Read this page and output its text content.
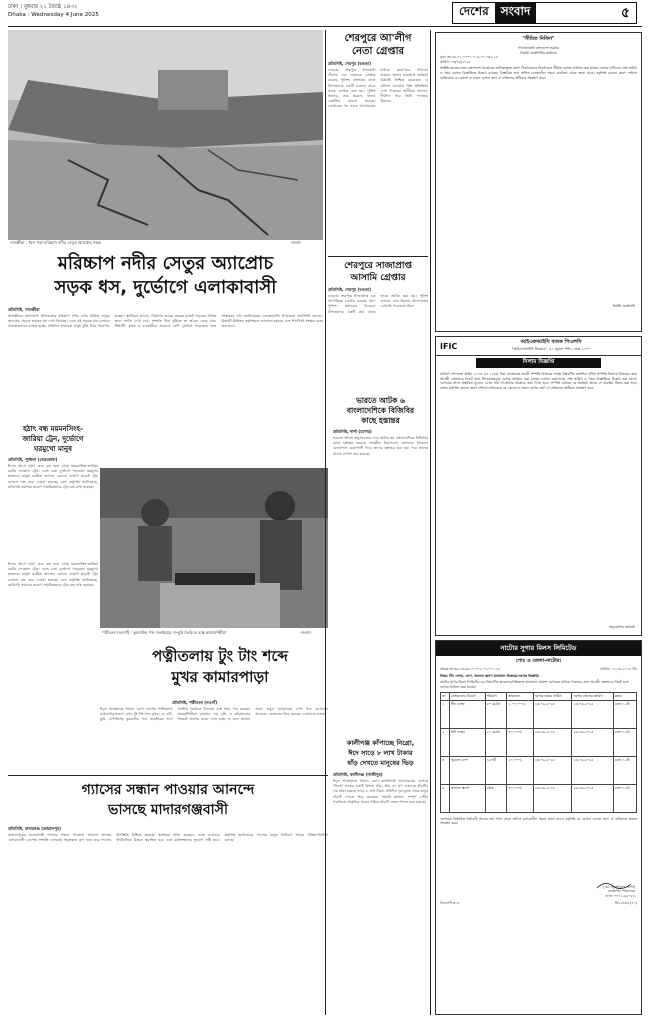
ঢাকা । বুধবার ২১ জ্যৈষ্ঠ ১৪৩২
Dhaka : Wednesday 4 June 2025	দেশের	সংবাদ	৫
সাতক্ষীরা : ধসে পড়া মরিচ্চাপ নদীর সেতুর অ্যাপ্রোচ সড়ক	-সংবাদ
মরিচ্চাপ নদীর সেতুর অ্যাপ্রোচ
সড়ক ধস, দুর্ভোগে এলাকাবাসী
প্রতিনিধি, সাতক্ষীরা
সাতক্ষীরার আশাশুনি উপজেলার মরিচ্চাপ নদীর ওপর নির্মিত সেতুর অ্যাপ্রোচ সড়কে ভয়াবহ ধস দেখা দিয়েছে। এতে ওই সড়কে যান চলাচল মারাত্মকভাবে ব্যাহত হচ্ছে। প্রতিদিন হাজারো মানুষ ঝুঁকি নিয়ে পারাপার হচ্ছেন। স্থানীয়রা জানান, নির্মাণের কয়েক বছরের মধ্যেই সড়কের বিভিন্ন স্থানে ফাটল দেখা দেয়। সম্প্রতি টানা বৃষ্টিতে তা আরও বেড়ে যায়। শিক্ষার্থী, কৃষক ও ব্যবসায়ীরা সবচেয়ে বেশি দুর্ভোগে পড়েছেন। দ্রুত সংস্কারের দাবি জানিয়েছেন এলাকাবাসী। উপজেলা প্রকৌশলী জানান, বিষয়টি ঊর্ধ্বতন কর্তৃপক্ষকে জানানো হয়েছে এবং শিগগিরই সংস্কার কাজ শুরু হবে।
শেরপুরে আ'লীগ
নেতা গ্রেপ্তার
প্রতিনিধি, শেরপুর (বগুড়া)
বগুড়ার শেরপুরে আওয়ামী লীগের এক নেতাকে গ্রেপ্তার করেছে পুলিশ। মঙ্গলবার রাতে উপজেলার একটি এলাকা থেকে তাকে গ্রেপ্তার করা হয়। পুলিশ জানায়, তার বিরুদ্ধে থানায় একাধিক মামলা রয়েছে। গ্রেপ্তারের পর তাকে আদালতের মাধ্যমে কারাগারে পাঠানো হয়েছে। থানার ভারপ্রাপ্ত কর্মকর্তা বিষয়টি নিশ্চিত করেছেন। এ ঘটনায় এলাকায় মিশ্র প্রতিক্রিয়া দেখা দিয়েছে। স্থানীয়রা জানান, দীর্ঘদিন ধরে তিনি পলাতক ছিলেন।
শেরপুরে সাজাপ্রাপ্ত
আসামি গ্রেপ্তার
প্রতিনিধি, শেরপুর (বগুড়া)
বগুড়ার শেরপুরে সাজাপ্রাপ্ত এক আসামিকে গ্রেপ্তার করেছে থানা পুলিশ। মঙ্গলবার বিকেলে উপজেলার একটি গ্রাম থেকে তাকে আটক করা হয়। পুলিশ জানায়, তার বিরুদ্ধে আদালতের গ্রেপ্তারি পরোয়ানা ছিল।
হঠাৎ বন্ধ ময়মনসিংহ-
জারিয়া ট্রেন, দুর্ভোগে
ঘরমুখো মানুষ
প্রতিনিধি, পূর্বধলা (নেত্রকোনা)
ঈদের আগে হঠাৎ করে বন্ধ হয়ে গেছে ময়মনসিংহ-জারিয়া রুটের লোকাল ট্রেন। এতে চরম দুর্ভোগে পড়েছেন ঘরমুখো হাজারো মানুষ। যাত্রীরা জানান, কোনো ঘোষণা ছাড়াই ট্রেন চলাচল বন্ধ করে দেওয়া হয়েছে। রেল কর্তৃপক্ষ জানিয়েছে, কারিগরি সমস্যার কারণে সাময়িকভাবে ট্রেন বন্ধ রাখা হয়েছে।
ভারতে আটক ৬
বাংলাদেশিকে বিজিবির
কাছে হস্তান্তর
প্রতিনিধি, শার্শা (যশোর)
ভারতে অবৈধ অনুপ্রবেশের দায়ে আটক ছয় বাংলাদেশিকে বিজিবির কাছে হস্তান্তর করেছে ভারতীয় বিএসএফ। মঙ্গলবার বিকেলে বেনাপোল চেকপোস্ট দিয়ে তাদের হস্তান্তর করা হয়। পরে তাদের থানায় সোপর্দ করা হয়েছে।
পত্নীতলা (নওগাঁ) : কুরবানির পশু জবাইয়ের দা-ছুরি তৈরিতে ব্যস্ত কামারশিল্পীরা	-সংবাদ
পত্নীতলায় টুং টাং শব্দে
মুখর কামারপাড়া
প্রতিনিধি, পত্নীতলা (নওগাঁ)
ঈদুল আজহাকে সামনে রেখে নওগাঁর পত্নীতলায় কামারপাড়াগুলো এখন টুং টাং শব্দে মুখর। দা, বটি, ছুরি, চাপাতিসহ কুরবানির পশু জবাইয়ের নানা সরঞ্জাম তৈরিতে দিনরাত ব্যস্ত সময় পার করছেন কামারশিল্পীরা। কয়লার দাম বৃদ্ধি ও কাঁচামালের সংকটে আগের মতো লাভ হচ্ছে না বলে জানান তারা। তবুও পূর্বপুরুষের পেশা ধরে রেখেছেন অনেকে। ক্রেতারাও ভিড় করছেন দোকানগুলোতে।
ঈদের আগে হঠাৎ করে বন্ধ হয়ে গেছে ময়মনসিংহ-জারিয়া রুটের লোকাল ট্রেন। এতে চরম দুর্ভোগে পড়েছেন ঘরমুখো হাজারো মানুষ। যাত্রীরা জানান, কোনো ঘোষণা ছাড়াই ট্রেন চলাচল বন্ধ করে দেওয়া হয়েছে। রেল কর্তৃপক্ষ জানিয়েছে, কারিগরি সমস্যার কারণে সাময়িকভাবে ট্রেন বন্ধ রাখা হয়েছে।
কালীগঞ্জ কাঁপাচ্ছে নিগ্রো,
ঈদে সাড়ে ৮ লাখ টাকার
ষাঁড় দেখতে মানুষের ভিড়
প্রতিনিধি, কালীগঞ্জ (গাজীপুর)
ঈদুল আজহাকে সামনে রেখে কালীগঞ্জে আলোচনায় এসেছে 'নিগ্রো' নামের একটি বিশাল ষাঁড়। প্রায় ৩০ মণ ওজনের ষাঁড়টির দাম হাঁকা হয়েছে সাড়ে ৮ লাখ টাকা। প্রতিদিন দূর-দূরান্ত থেকে মানুষ ষাঁড়টি দেখতে ভিড় করছেন। খামারি জানান, সম্পূর্ণ দেশীয় পদ্ধতিতে প্রাকৃতিক খাবার খাইয়ে ষাঁড়টি লালন-পালন করা হয়েছে।
গ্যাসের সন্ধান পাওয়ার আনন্দে
ভাসছে মাদারগঞ্জবাসী
প্রতিনিধি, মাদারগঞ্জ (জামালপুর)
জামালপুরের মাদারগঞ্জে গ্যাসের সন্ধান পাওয়ায় আনন্দে ভাসছে এলাকাবাসী। বাপেক্স সম্প্রতি এলাকায় অনুসন্ধান কূপ খনন করে গ্যাসের উপস্থিতি নিশ্চিত করেছে। স্থানীয়রা আশা করছেন, এতে এলাকার অর্থনৈতিক উন্নয়ন ত্বরান্বিত হবে এবং কর্মসংস্থানের সুযোগ সৃষ্টি হবে। কর্তৃপক্ষ জানিয়েছে, গ্যাসের মজুত নির্ধারণে আরও পরীক্ষা-নিরীক্ষা চলছে।
"সীমিত নিবিদা"
গণপ্রজাতন্ত্রী বাংলাদেশ সরকার
নির্বাহী প্রকৌশলীর কার্যালয়
সূত্র: নং-৪৬.০২.০০০০.০১৪.০৭.০৩২.২৫
তারিখ: ০৩/০৬/২০২৫
সংশ্লিষ্ট কাজের জন্য বাংলাদেশ সরকারের তালিকাভুক্ত যোগ্য ঠিকাদারদের নিকট হতে সীমিত দরপত্র আহ্বান করা যাচ্ছে। দরপত্র দাখিলের শেষ তারিখ ও সময় দরপত্র বিজ্ঞপ্তিতে উল্লেখ রয়েছে। বিস্তারিত তথ্য অফিস চলাকালীন সময়ে কার্যালয় থেকে জানা যাবে। কর্তৃপক্ষ কোনো কারণ দর্শানো ব্যতিরেকে যে কোনো বা সকল দরপত্র গ্রহণ বা বাতিলের অধিকার সংরক্ষণ করে।
নির্বাহী প্রকৌশলী
IFIC	আইএফআইসি ব্যাংক পিএলসি
"আইএফআইসি টাওয়ার", ৬১ পুরানা পল্টন, ঢাকা-১০০০
নিলাম বিজ্ঞপ্তি
অর্থঋণ আদালত আইন ২০০৩ এর ১২(৩) ধারা মোতাবেক বন্ধকী সম্পত্তি বিক্রয়ের লক্ষ্যে নিম্নবর্ণিত তফসিল বর্ণিত সম্পত্তি নিলামে বিক্রয়ের জন্য আগ্রহী ক্রেতাদের নিকট হতে সিলমোহরকৃত দরপত্র আহ্বান করা যাচ্ছে। দরপত্র জমাদানের শেষ তারিখ ও সময় বিজ্ঞপ্তিতে উল্লেখ করা হলো। দরপত্রের সাথে প্রস্তাবিত মূল্যের ২৫% অর্থ পে-অর্ডার আকারে জমা দিতে হবে। সম্পত্তি যেখানে যে অবস্থায় আছে সে অবস্থায় বিক্রয় করা হবে। ব্যাংক কর্তৃপক্ষ কোনো কারণ দর্শানো ব্যতিরেকে যে কোনো বা সকল দরপত্র গ্রহণ বা বাতিলের অধিকার সংরক্ষণ করে।
অনুমোদিত কর্মকর্তা
নাটোর সুগার মিলস লিমিটেড
পোঃ ও জেলা-নাটোর।
স্মারক নং-৩৬.০৩.৬৯০০.০০২.০৭.০০১.২৫	তারিখ: ০২-০৬-২০২৫ খ্রি:
বিষয়: টিন লোহা, লেপ, অন্যান্য স্ক্র্যাপ মালামাল বিক্রয়ের দরপত্র বিজ্ঞপ্তি।
নাটোর সুগার মিলস লিমিটেড-এর নিম্নবর্ণিত অকেজো/পরিত্যক্ত মালামাল প্রকাশ্য দরপত্রের মাধ্যমে বিক্রয়ের জন্য আগ্রহী ক্রেতাদের নিকট হতে দরপত্র আহ্বান করা যাচ্ছে।
ক্র.	মালামালের বিবরণ	পরিমাণ	জামানত	দরপত্র জমার তারিখ	দরপত্র খোলার তারিখ	মন্তব্য
১	টিন লোহা	৫০ মে.টন	১,০০,০০০/-	২৩-০৬-২০২৫	২৩-০৬-২০২৫	বেলা ১২টা
২	সিট লোহা	২০ মে.টন	৫০,০০০/-	২৩-০৬-২০২৫	২৩-০৬-২০২৫	বেলা ১২টা
৩	পুরাতন লেপ	১৫০টি	২০,০০০/-	২৩-০৬-২০২৫	২৩-০৬-২০২৫	বেলা ১২টা
৪	অন্যান্য স্ক্র্যাপ	থোক	৫০,০০০/-	২৩-০৬-২০২৫	২৩-০৬-২০২৫	বেলা ১২টা
দরপত্রের বিস্তারিত শর্তাবলী মিলের ক্রয় শাখা থেকে অফিস চলাকালীন সময়ে জানা যাবে। কর্তৃপক্ষ যে কোনো দরপত্র গ্রহণ বা বাতিলের ক্ষমতা সংরক্ষণ করে।
(মো: জুলফিকার আলী)
ব্যবস্থাপনা পরিচালক
ফোন: ০৭৭১-৬২০৮৫
ডিএফপি-৩০৫	জি-২৩৪৩ (৫০)
